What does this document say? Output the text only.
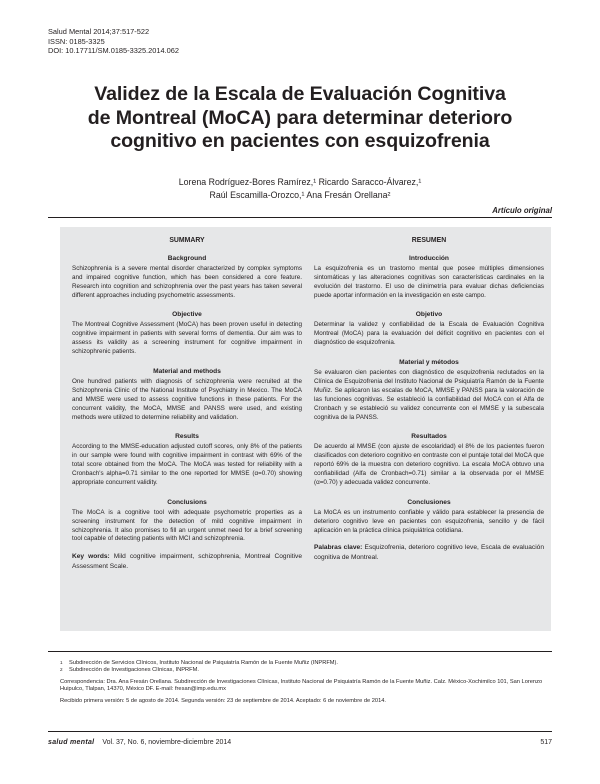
Salud Mental 2014;37:517-522
ISSN: 0185-3325
DOI: 10.17711/SM.0185-3325.2014.062
Validez de la Escala de Evaluación Cognitiva
de Montreal (MoCA) para determinar deterioro
cognitivo en pacientes con esquizofrenia
Lorena Rodríguez-Bores Ramírez,¹ Ricardo Saracco-Álvarez,¹
Raúl Escamilla-Orozco,¹ Ana Fresán Orellana²
Artículo original
SUMMARY
Background

Schizophrenia is a severe mental disorder characterized by complex symptoms and impaired cognitive function, which has been considered a core feature. Research into cognition and schizophrenia over the past years has taken several different approaches including psychometric assessments.

Objective

The Montreal Cognitive Assessment (MoCA) has been proven useful in detecting cognitive impairment in patients with several forms of dementia. Our aim was to assess its validity as a screening instrument for cognitive impairment in schizophrenic patients.

Material and methods

One hundred patients with diagnosis of schizophrenia were recruited at the Schizophrenia Clinic of the National Institute of Psychiatry in Mexico. The MoCA and MMSE were used to assess cognitive functions in these patients. For the concurrent validity, the MoCA, MMSE and PANSS were used, and existing methods were utilized to determine reliability and validation.

Results

According to the MMSE-education adjusted cutoff scores, only 8% of the patients in our sample were found with cognitive impairment in contrast with 69% of the total score obtained from the MoCA. The MoCA was tested for reliability with a Cronbach's alpha=0.71 similar to the one reported for MMSE (α=0.70) showing appropriate concurrent validity.

Conclusions

The MoCA is a cognitive tool with adequate psychometric properties as a screening instrument for the detection of mild cognitive impairment in schizophrenia. It also promises to fill an urgent unmet need for a brief screening tool capable of detecting patients with MCI and schizophrenia.

Key words: Mild cognitive impairment, schizophrenia, Montreal Cognitive Assessment Scale.

RESUMEN
Introducción

La esquizofrenia es un trastorno mental que posee múltiples dimensiones sintomáticas y las alteraciones cognitivas son características cardinales en la evolución del trastorno. El uso de clinimetría para evaluar dichas deficiencias puede aportar información en la investigación en este campo.

Objetivo

Determinar la validez y confiabilidad de la Escala de Evaluación Cognitiva Montreal (MoCA) para la evaluación del déficit cognitivo en pacientes con el diagnóstico de esquizofrenia.

Material y métodos

Se evaluaron cien pacientes con diagnóstico de esquizofrenia reclutados en la Clínica de Esquizofrenia del Instituto Nacional de Psiquiatría Ramón de la Fuente Muñiz. Se aplicaron las escalas de MoCA, MMSE y PANSS para la valoración de las funciones cognitivas. Se estableció la confiabilidad del MoCA con el Alfa de Cronbach y se estableció su validez concurrente con el MMSE y la subescala cognitiva de la PANSS.

Resultados

De acuerdo al MMSE (con ajuste de escolaridad) el 8% de los pacientes fueron clasificados con deterioro cognitivo en contraste con el puntaje total del MoCA que reportó 69% de la muestra con deterioro cognitivo. La escala MoCA obtuvo una confiabilidad (Alfa de Cronbach=0.71) similar a la observada por el MMSE (α=0.70) y adecuada validez concurrente.

Conclusiones

La MoCA es un instrumento confiable y válido para establecer la presencia de deterioro cognitivo leve en pacientes con esquizofrenia, sencillo y de fácil aplicación en la práctica clínica psiquiátrica cotidiana.

Palabras clave: Esquizofrenia, deterioro cognitivo leve, Escala de evaluación cognitiva de Montreal.

1 Subdirección de Servicios Clínicos, Instituto Nacional de Psiquiatría Ramón de la Fuente Muñiz (INPRFM).
2 Subdirección de Investigaciones Clínicas, INPRFM.
Correspondencia: Dra. Ana Fresán Orellana. Subdirección de Investigaciones Clínicas, Instituto Nacional de Psiquiatría Ramón de la Fuente Muñiz. Calz. México-Xochimilco 101, San Lorenzo Huipulco, Tlalpan, 14370, México DF. E-mail: fresan@imp.edu.mx
Recibido primera versión: 5 de agosto de 2014. Segunda versión: 23 de septiembre de 2014. Aceptado: 6 de noviembre de 2014.
salud mental Vol. 37, No. 6, noviembre-diciembre 2014	517
